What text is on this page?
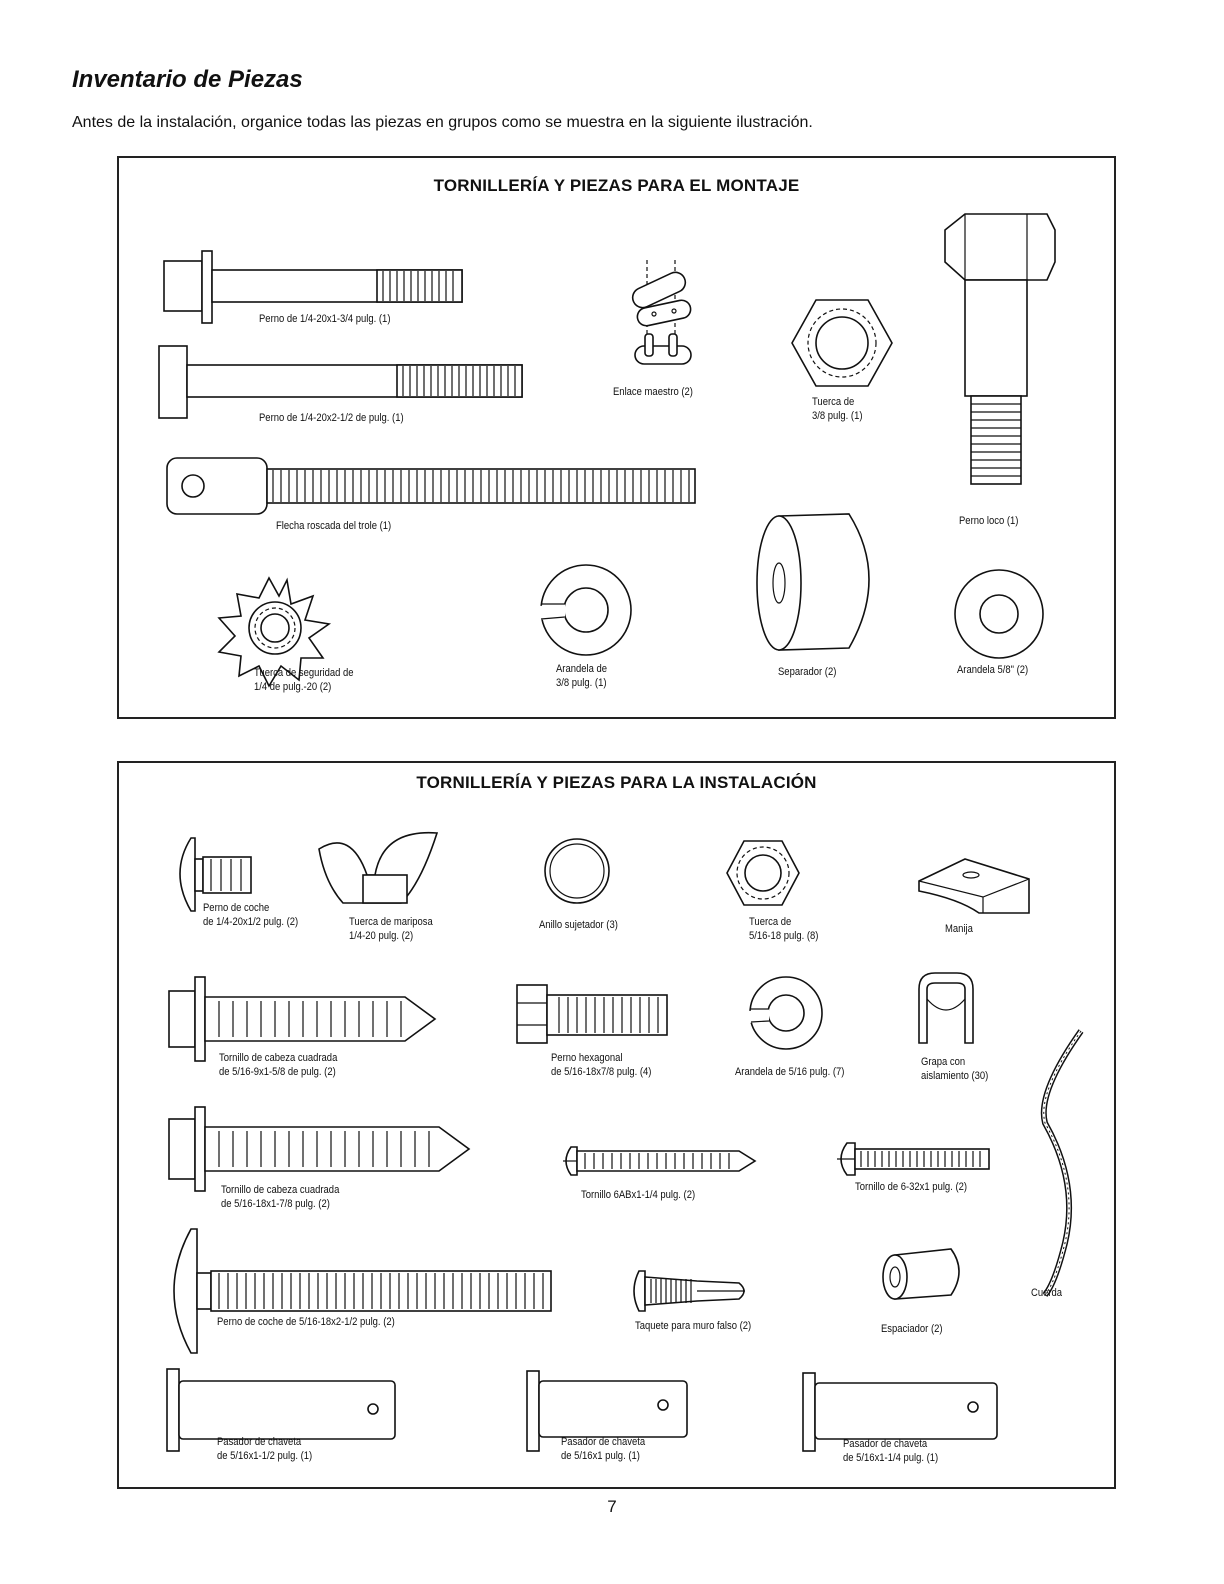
Inventario de Piezas
Antes de la instalación, organice todas las piezas en grupos como se muestra en la siguiente ilustración.
TORNILLERÍA Y PIEZAS PARA EL MONTAJE
Perno de 1/4-20x1-3/4 pulg. (1)
Perno de 1/4-20x2-1/2 de pulg. (1)
Flecha roscada del trole (1)
Enlace maestro (2)
Tuerca de
3/8 pulg. (1)
Perno loco (1)
Tuerca de seguridad de
1/4 de pulg.-20 (2)
Arandela de
3/8 pulg. (1)
Separador (2)	Arandela 5/8" (2)
TORNILLERÍA Y PIEZAS PARA LA INSTALACIÓN
Perno de coche
de 1/4-20x1/2 pulg. (2)	Tuerca de mariposa
1/4-20 pulg. (2)
Anillo sujetador (3)	Tuerca de
5/16-18 pulg. (8)
Manija
Tornillo de cabeza cuadrada
de 5/16-9x1-5/8 de pulg. (2)
Perno hexagonal
de 5/16-18x7/8 pulg. (4)	Arandela de 5/16 pulg. (7)
Grapa con
aislamiento (30)
Tornillo de cabeza cuadrada
de 5/16-18x1-7/8 pulg. (2)
Tornillo 6ABx1-1/4 pulg. (2)
Tornillo de 6-32x1 pulg. (2)
Perno de coche de 5/16-18x2-1/2 pulg. (2)	Taquete para muro falso (2)	Espaciador (2)
Cuerda
Pasador de chaveta
de 5/16x1-1/2 pulg. (1)
Pasador de chaveta
de 5/16x1 pulg. (1)
Pasador de chaveta
de 5/16x1-1/4 pulg. (1)
7
